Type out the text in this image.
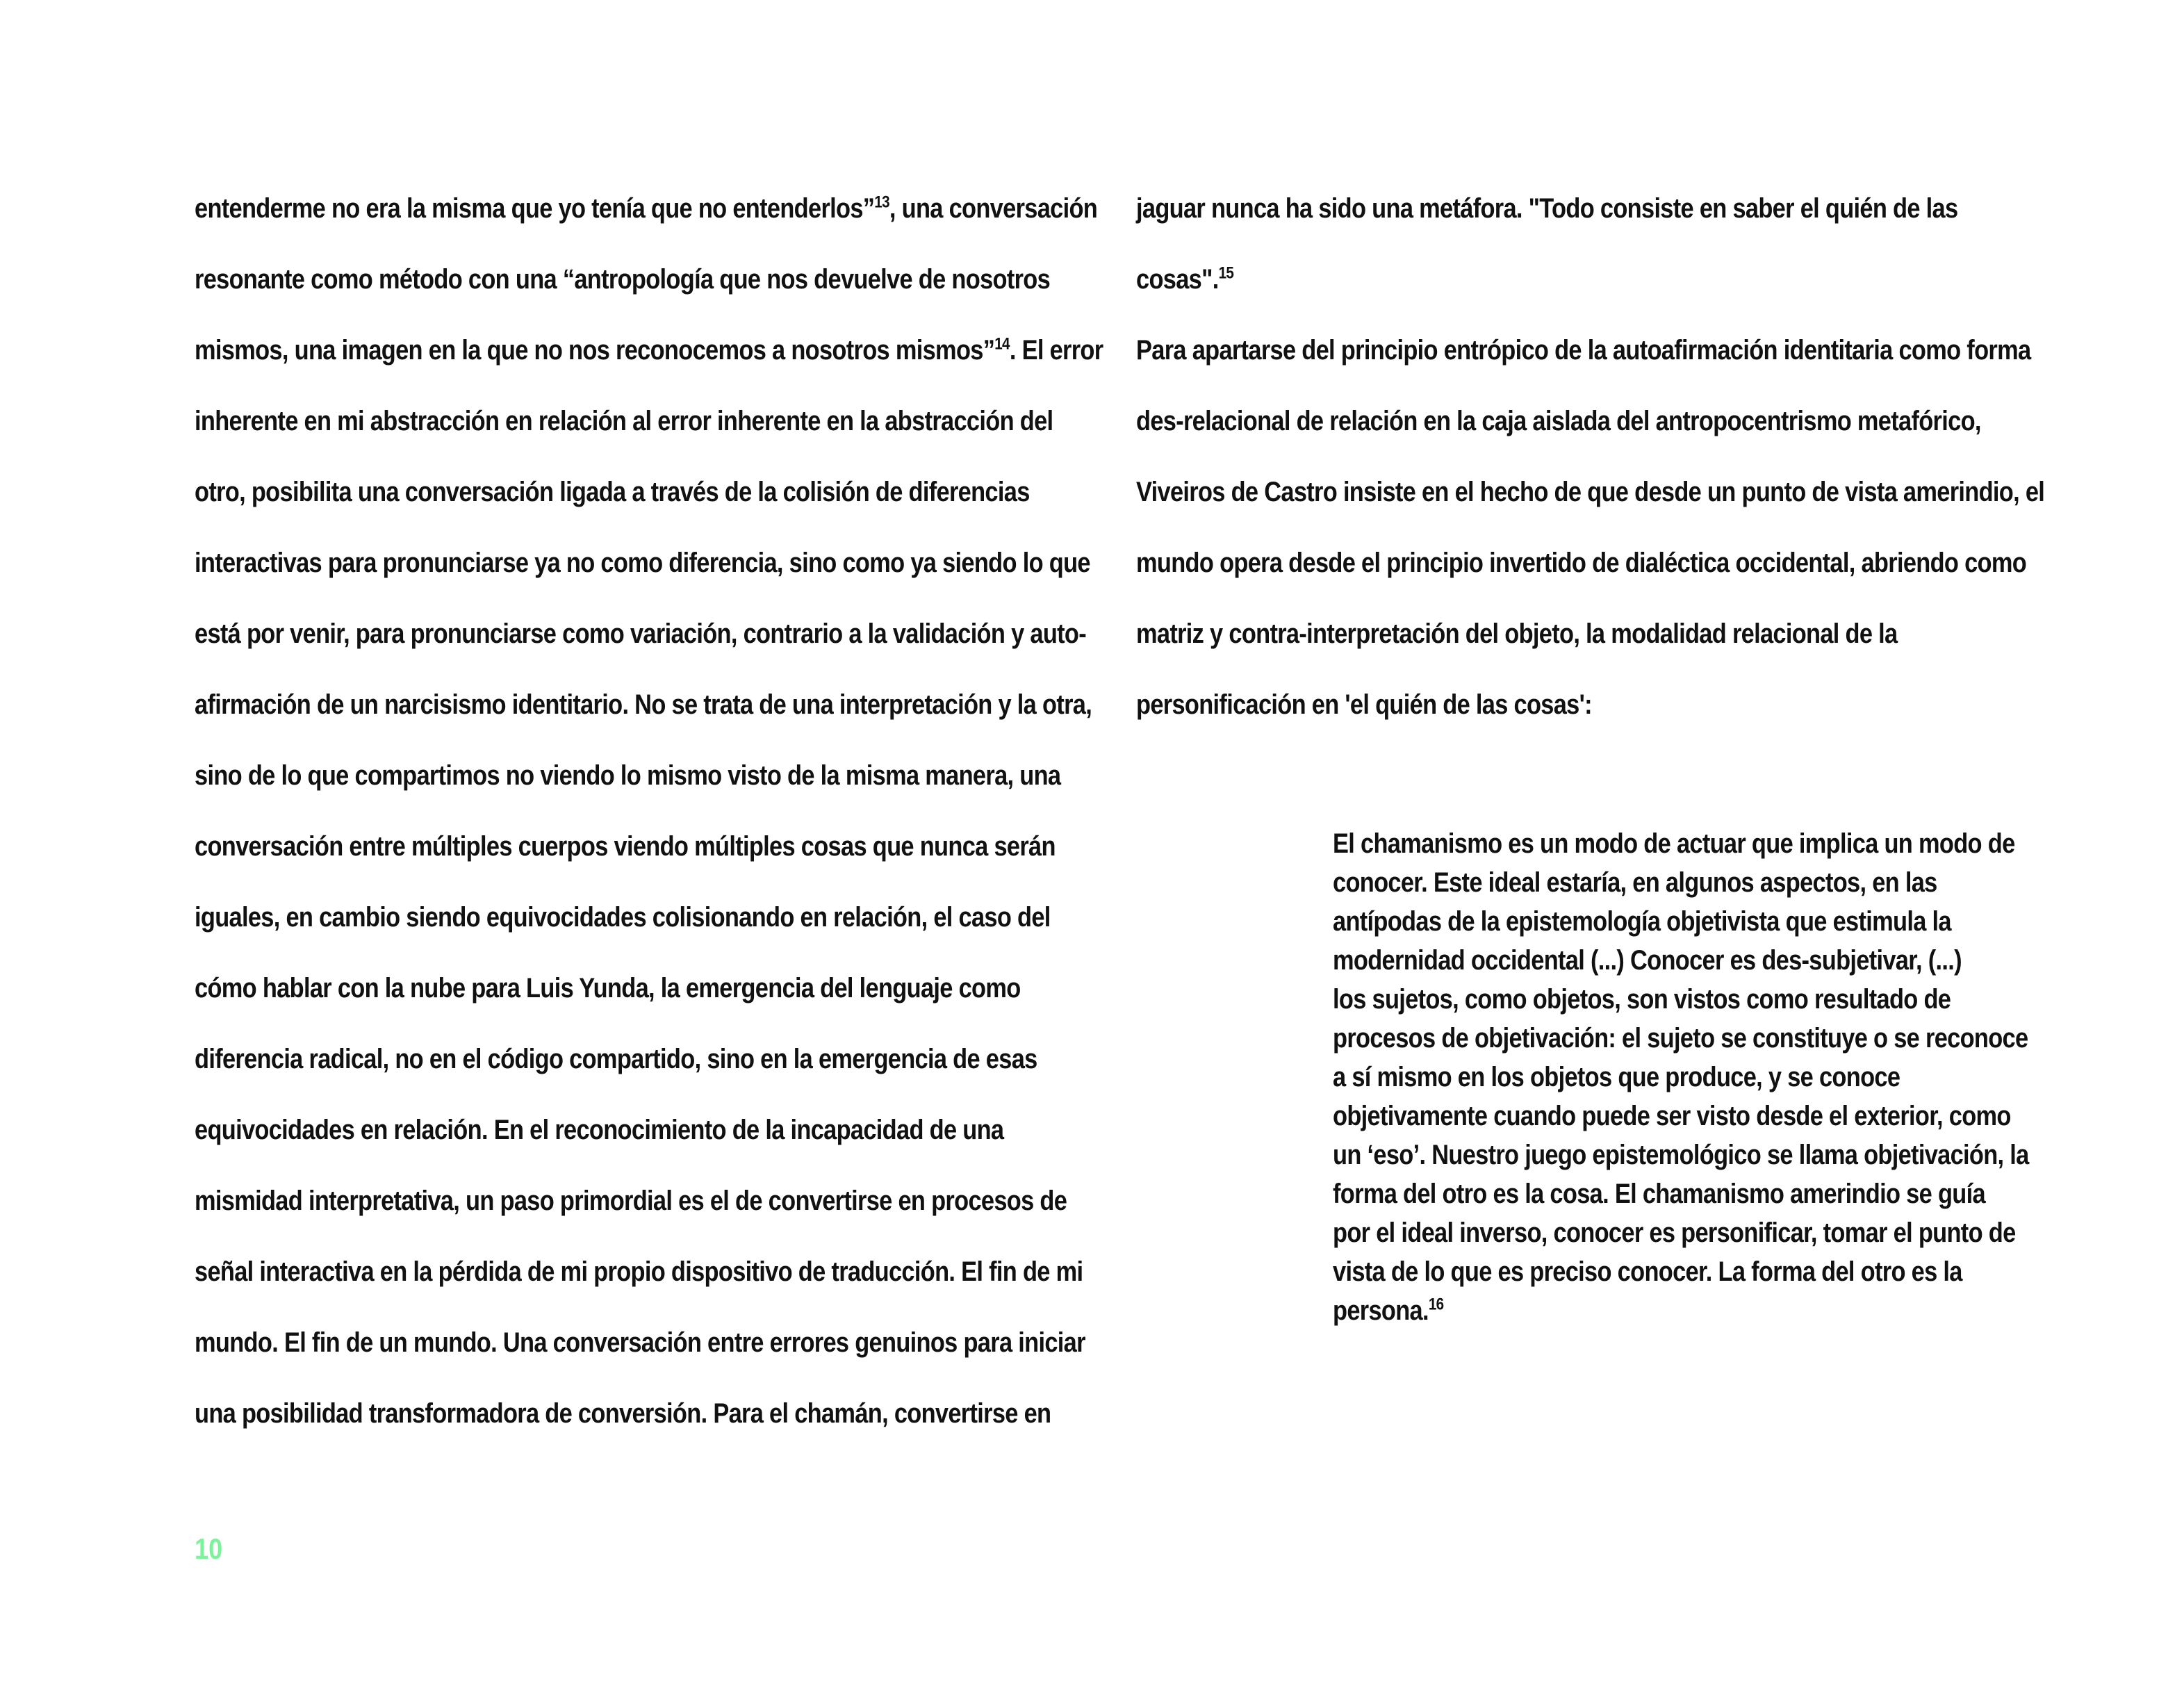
entenderme no era la misma que yo tenía que no entenderlos”$^{13}$, una conversación
resonante como método con una “antropología que nos devuelve de nosotros
mismos, una imagen en la que no nos reconocemos a nosotros mismos”$^{14}$. El error
inherente en mi abstracción en relación al error inherente en la abstracción del
otro, posibilita una conversación ligada a través de la colisión de diferencias
interactivas para pronunciarse ya no como diferencia, sino como ya siendo lo que
está por venir, para pronunciarse como variación, contrario a la validación y auto-
afirmación de un narcisismo identitario. No se trata de una interpretación y la otra,
sino de lo que compartimos no viendo lo mismo visto de la misma manera, una
conversación entre múltiples cuerpos viendo múltiples cosas que nunca serán
iguales, en cambio siendo equivocidades colisionando en relación, el caso del
cómo hablar con la nube para Luis Yunda, la emergencia del lenguaje como
diferencia radical, no en el código compartido, sino en la emergencia de esas
equivocidades en relación. En el reconocimiento de la incapacidad de una
mismidad interpretativa, un paso primordial es el de convertirse en procesos de
señal interactiva en la pérdida de mi propio dispositivo de traducción. El fin de mi
mundo. El fin de un mundo. Una conversación entre errores genuinos para iniciar
una posibilidad transformadora de conversión. Para el chamán, convertirse en
jaguar nunca ha sido una metáfora. "Todo consiste en saber el quién de las
cosas".$^{15}$
Para apartarse del principio entrópico de la autoafirmación identitaria como forma
des-relacional de relación en la caja aislada del antropocentrismo metafórico,
Viveiros de Castro insiste en el hecho de que desde un punto de vista amerindio, el
mundo opera desde el principio invertido de dialéctica occidental, abriendo como
matriz y contra-interpretación del objeto, la modalidad relacional de la
personificación en 'el quién de las cosas':
El chamanismo es un modo de actuar que implica un modo de
conocer. Este ideal estaría, en algunos aspectos, en las
antípodas de la epistemología objetivista que estimula la
modernidad occidental (...) Conocer es des-subjetivar, (...)
los sujetos, como objetos, son vistos como resultado de
procesos de objetivación: el sujeto se constituye o se reconoce
a sí mismo en los objetos que produce, y se conoce
objetivamente cuando puede ser visto desde el exterior, como
un ‘eso’. Nuestro juego epistemológico se llama objetivación, la
forma del otro es la cosa. El chamanismo amerindio se guía
por el ideal inverso, conocer es personificar, tomar el punto de
vista de lo que es preciso conocer. La forma del otro es la
persona.$^{16}$
10
